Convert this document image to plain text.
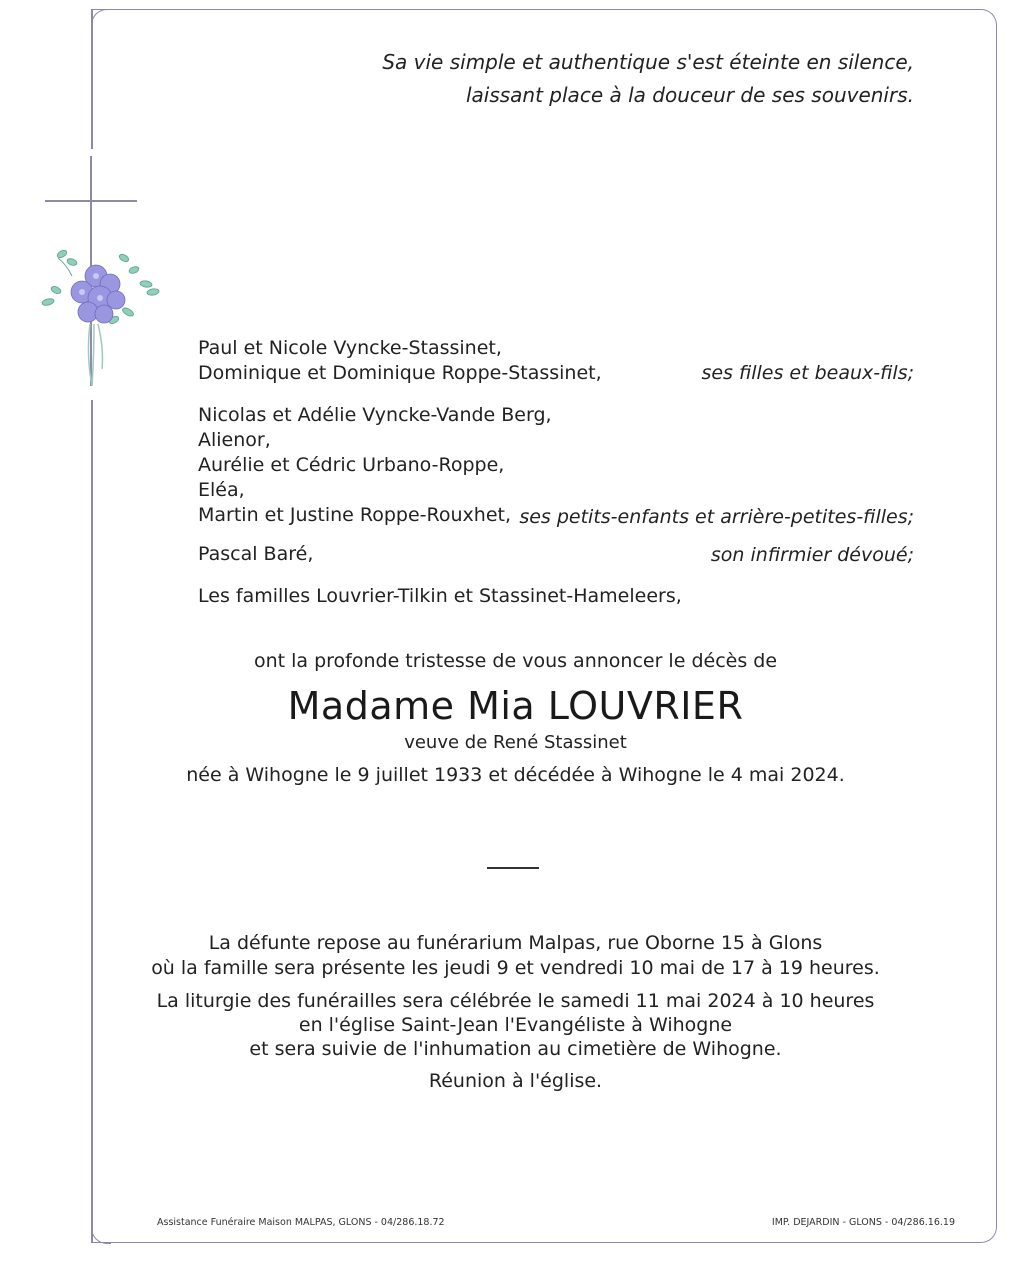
Sa vie simple et authentique s'est éteinte en silence,
laissant place à la douceur de ses souvenirs.
Paul et Nicole Vyncke-Stassinet,
Dominique et Dominique Roppe-Stassinet,	ses filles et beaux-fils;
Nicolas et Adélie Vyncke-Vande Berg,
Alienor,
Aurélie et Cédric Urbano-Roppe,
Eléa,
Martin et Justine Roppe-Rouxhet, ses petits-enfants et arrière-petites-filles;
Pascal Baré,	son infirmier dévoué;
Les familles Louvrier-Tilkin et Stassinet-Hameleers,
ont la profonde tristesse de vous annoncer le décès de
Madame Mia LOUVRIER
veuve de René Stassinet
née à Wihogne le 9 juillet 1933 et décédée à Wihogne le 4 mai 2024.
La défunte repose au funérarium Malpas, rue Oborne 15 à Glons
où la famille sera présente les jeudi 9 et vendredi 10 mai de 17 à 19 heures.
La liturgie des funérailles sera célébrée le samedi 11 mai 2024 à 10 heures
en l'église Saint-Jean l'Evangéliste à Wihogne
et sera suivie de l'inhumation au cimetière de Wihogne.
Réunion à l'église.
Assistance Funéraire Maison MALPAS, GLONS - 04/286.18.72	IMP. DEJARDIN - GLONS - 04/286.16.19
